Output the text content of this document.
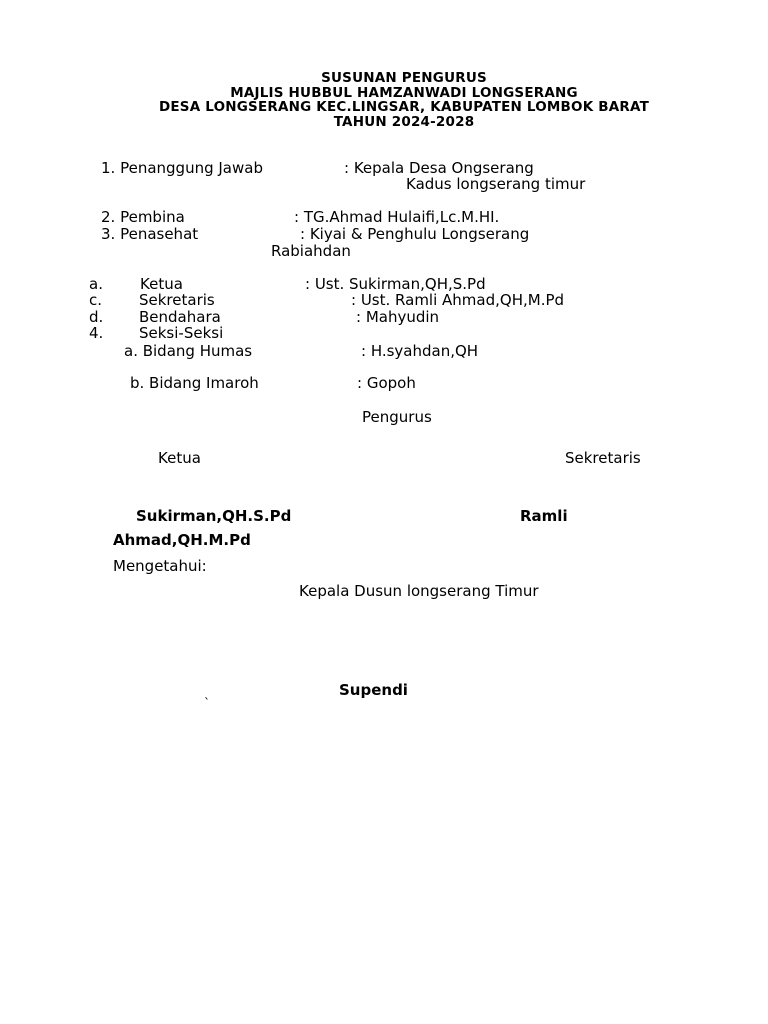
SUSUNAN PENGURUS
MAJLIS HUBBUL HAMZANWADI LONGSERANG
DESA LONGSERANG KEC.LINGSAR, KABUPATEN LOMBOK BARAT
TAHUN 2024-2028
1. Penanggung Jawab	: Kepala Desa Ongserang
Kadus longserang timur
2. Pembina	: TG.Ahmad Hulaifi,Lc.M.HI.
3. Penasehat	: Kiyai & Penghulu Longserang
Rabiahdan
a. Ketua	: Ust. Sukirman,QH,S.Pd
c. Sekretaris	: Ust. Ramli Ahmad,QH,M.Pd
d. Bendahara	: Mahyudin
4. Seksi-Seksi
a. Bidang Humas	: H.syahdan,QH
b. Bidang Imaroh	: Gopoh
Pengurus
Ketua	Sekretaris
Sukirman,QH.S.Pd	Ramli
Ahmad,QH.M.Pd
Mengetahui:
Kepala Dusun longserang Timur
Supendi
`
